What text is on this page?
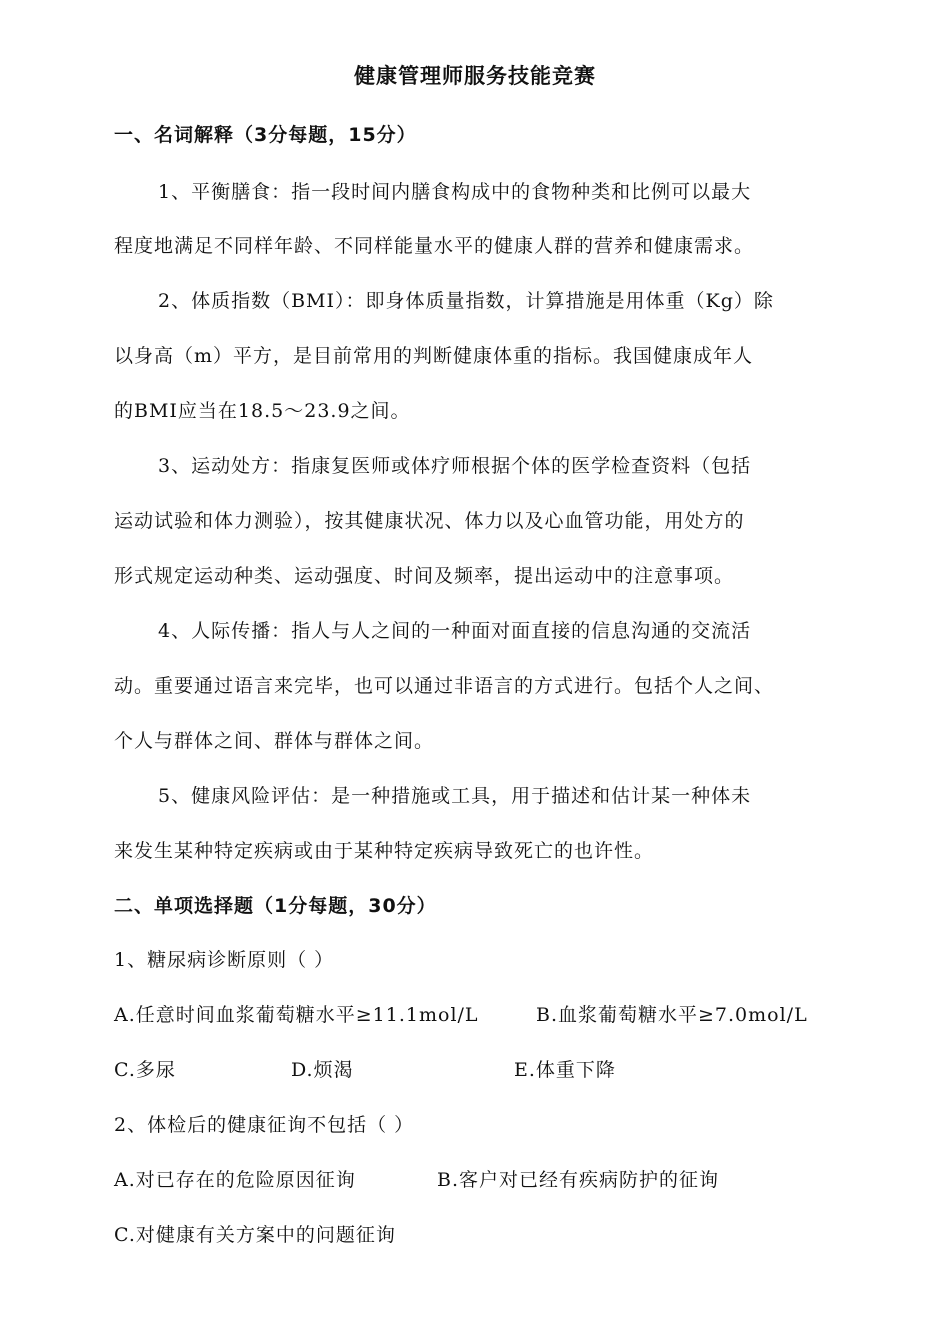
健康管理师服务技能竞赛
一、名词解释（3分每题，15分）
1、平衡膳食：指一段时间内膳食构成中的食物种类和比例可以最大
程度地满足不同样年龄、不同样能量水平的健康人群的营养和健康需求。
2、体质指数（BMI）：即身体质量指数，计算措施是用体重（Kg）除
以身高（m）平方，是目前常用的判断健康体重的指标。我国健康成年人
的BMI应当在18.5～23.9之间。
3、运动处方：指康复医师或体疗师根据个体的医学检查资料（包括
运动试验和体力测验），按其健康状况、体力以及心血管功能，用处方的
形式规定运动种类、运动强度、时间及频率，提出运动中的注意事项。
4、人际传播：指人与人之间的一种面对面直接的信息沟通的交流活
动。重要通过语言来完毕，也可以通过非语言的方式进行。包括个人之间、
个人与群体之间、群体与群体之间。
5、健康风险评估：是一种措施或工具，用于描述和估计某一种体未
来发生某种特定疾病或由于某种特定疾病导致死亡的也许性。
二、单项选择题（1分每题，30分）
1、糖尿病诊断原则（ ）
A.任意时间血浆葡萄糖水平≥11.1mol/L	B.血浆葡萄糖水平≥7.0mol/L
C.多尿	D.烦渴	E.体重下降
2、体检后的健康征询不包括（ ）
A.对已存在的危险原因征询	B.客户对已经有疾病防护的征询
C.对健康有关方案中的问题征询
